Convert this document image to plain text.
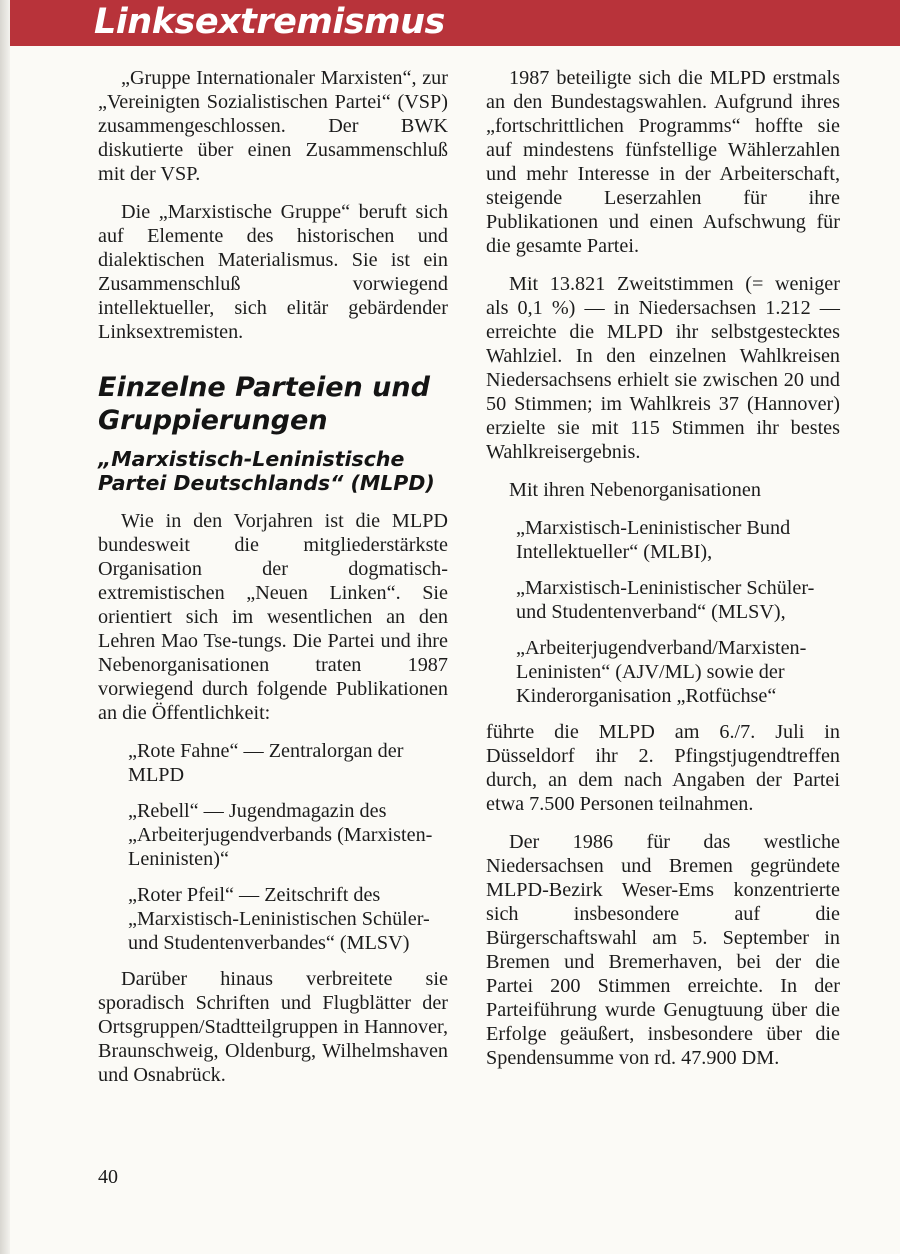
Linksextremismus

„Gruppe Internationaler Marxisten“, zur „Vereinigten Sozialistischen Partei“ (VSP) zusammengeschlossen. Der BWK diskutierte über einen Zusammenschluß mit der VSP.

Die „Marxistische Gruppe“ beruft sich auf Elemente des historischen und dialektischen Materialismus. Sie ist ein Zusammenschluß vorwiegend intellektueller, sich elitär gebärdender Linksextremisten.

Einzelne Parteien und Gruppierungen
„Marxistisch-Leninistische Partei Deutschlands“ (MLPD)

Wie in den Vorjahren ist die MLPD bundesweit die mitgliederstärkste Organisation der dogmatisch-extremistischen „Neuen Linken“. Sie orientiert sich im wesentlichen an den Lehren Mao Tse-tungs. Die Partei und ihre Nebenorganisationen traten 1987 vorwiegend durch folgende Publikationen an die Öffentlichkeit:

„Rote Fahne“ — Zentralorgan der MLPD

„Rebell“ — Jugendmagazin des „Arbeiterjugendverbands (Marxisten- Leninisten)“

„Roter Pfeil“ — Zeitschrift des „Marxistisch-Leninistischen Schüler- und Studentenverbandes“ (MLSV)

Darüber hinaus verbreitete sie sporadisch Schriften und Flugblätter der Ortsgruppen/Stadtteilgruppen in Hannover, Braunschweig, Oldenburg, Wilhelmshaven und Osnabrück.

1987 beteiligte sich die MLPD erstmals an den Bundestagswahlen. Aufgrund ihres „fortschrittlichen Programms“ hoffte sie auf mindestens fünfstellige Wählerzahlen und mehr Interesse in der Arbeiterschaft, steigende Leserzahlen für ihre Publikationen und einen Aufschwung für die gesamte Partei.

Mit 13.821 Zweitstimmen (= weniger als 0,1 %) — in Niedersachsen 1.212 — erreichte die MLPD ihr selbstgestecktes Wahlziel. In den einzelnen Wahlkreisen Niedersachsens erhielt sie zwischen 20 und 50 Stimmen; im Wahlkreis 37 (Hannover) erzielte sie mit 115 Stimmen ihr bestes Wahlkreisergebnis.

Mit ihren Nebenorganisationen

„Marxistisch-Leninistischer Bund Intellektueller“ (MLBI),

„Marxistisch-Leninistischer Schüler- und Studentenverband“ (MLSV),

„Arbeiterjugendverband/Marxisten-Leninisten“ (AJV/ML) sowie der Kinderorganisation „Rotfüchse“

führte die MLPD am 6./7. Juli in Düsseldorf ihr 2. Pfingstjugendtreffen durch, an dem nach Angaben der Partei etwa 7.500 Personen teilnahmen.

Der 1986 für das westliche Niedersachsen und Bremen gegründete MLPD-Bezirk Weser-Ems konzentrierte sich insbesondere auf die Bürgerschaftswahl am 5. September in Bremen und Bremerhaven, bei der die Partei 200 Stimmen erreichte. In der Parteiführung wurde Genugtuung über die Erfolge geäußert, insbesondere über die Spendensumme von rd. 47.900 DM.

40
